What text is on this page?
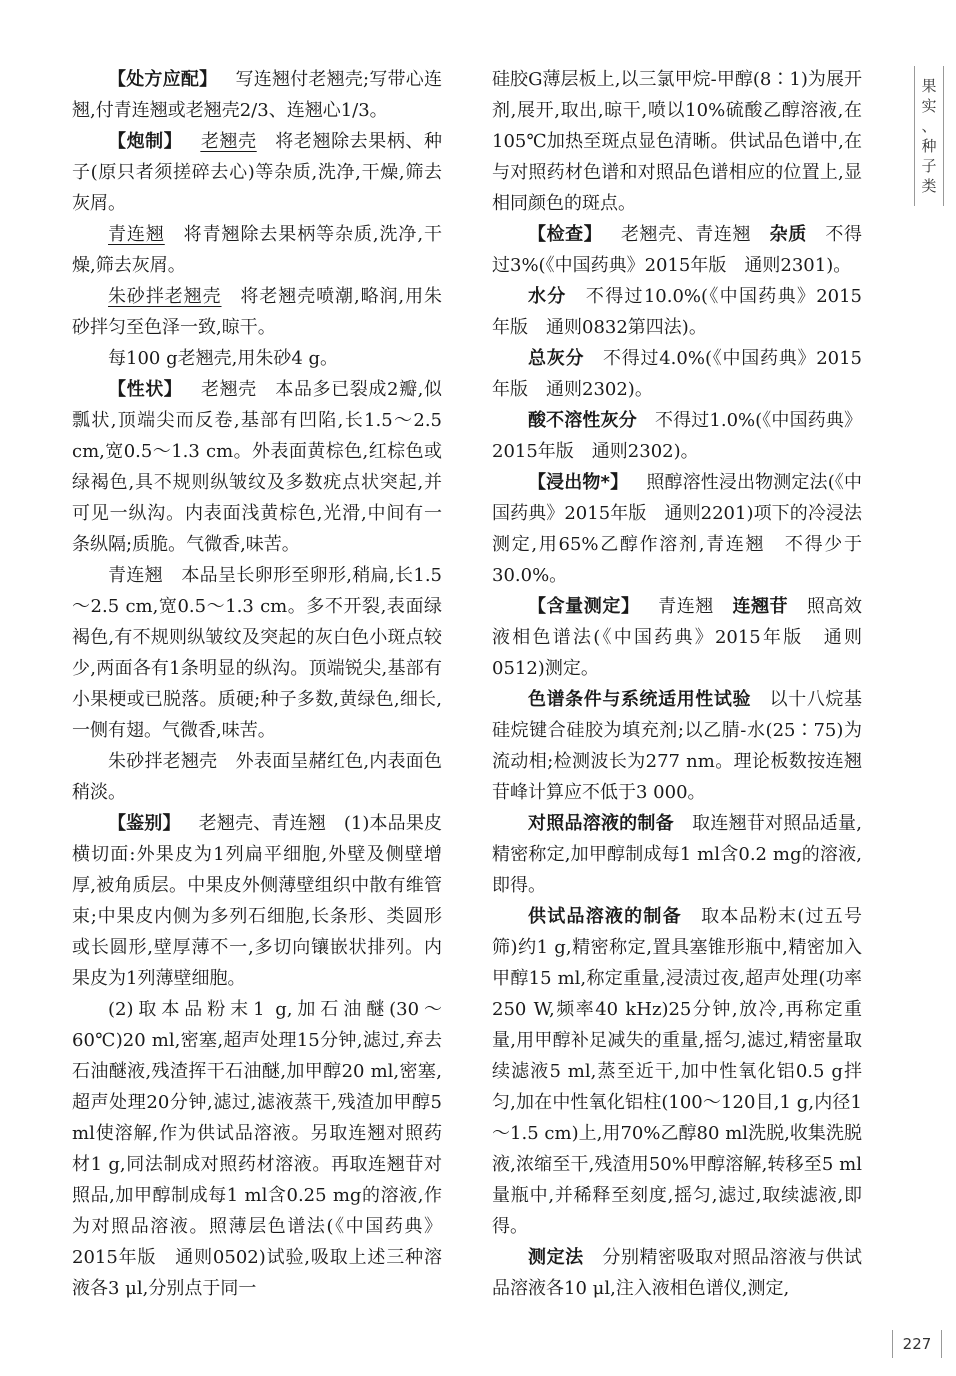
【处方应配】 写连翘付老翘壳;写带心连翘,付青连翘或老翘壳2/3、连翘心1/3。

【炮制】 老翘壳 将老翘除去果柄、种子(原只者须搓碎去心)等杂质,洗净,干燥,筛去灰屑。

青连翘 将青翘除去果柄等杂质,洗净,干燥,筛去灰屑。

朱砂拌老翘壳 将老翘壳喷潮,略润,用朱砂拌匀至色泽一致,晾干。

每100 g老翘壳,用朱砂4 g。

【性状】 老翘壳 本品多已裂成2瓣,似瓢状,顶端尖而反卷,基部有凹陷,长1.5～2.5 cm,宽0.5～1.3 cm。外表面黄棕色,红棕色或绿褐色,具不规则纵皱纹及多数疣点状突起,并可见一纵沟。内表面浅黄棕色,光滑,中间有一条纵隔;质脆。气微香,味苦。

青连翘 本品呈长卵形至卵形,稍扁,长1.5～2.5 cm,宽0.5～1.3 cm。多不开裂,表面绿褐色,有不规则纵皱纹及突起的灰白色小斑点较少,两面各有1条明显的纵沟。顶端锐尖,基部有小果梗或已脱落。质硬;种子多数,黄绿色,细长,一侧有翅。气微香,味苦。

朱砂拌老翘壳 外表面呈赭红色,内表面色稍淡。

【鉴别】 老翘壳、青连翘 (1)本品果皮横切面:外果皮为1列扁平细胞,外壁及侧壁增厚,被角质层。中果皮外侧薄壁组织中散有维管束;中果皮内侧为多列石细胞,长条形、类圆形或长圆形,壁厚薄不一,多切向镶嵌状排列。内果皮为1列薄壁细胞。

(2)取本品粉末1 g,加石油醚(30～60℃)20 ml,密塞,超声处理15分钟,滤过,弃去石油醚液,残渣挥干石油醚,加甲醇20 ml,密塞,超声处理20分钟,滤过,滤液蒸干,残渣加甲醇5 ml使溶解,作为供试品溶液。另取连翘对照药材1 g,同法制成对照药材溶液。再取连翘苷对照品,加甲醇制成每1 ml含0.25 mg的溶液,作为对照品溶液。照薄层色谱法(《中国药典》2015年版　通则0502)试验,吸取上述三种溶液各3 μl,分别点于同一

硅胶G薄层板上,以三氯甲烷-甲醇(8∶1)为展开剂,展开,取出,晾干,喷以10%硫酸乙醇溶液,在105℃加热至斑点显色清晰。供试品色谱中,在与对照药材色谱和对照品色谱相应的位置上,显相同颜色的斑点。

【检查】 老翘壳、青连翘 杂质 不得过3%(《中国药典》2015年版　通则2301)。

水分 不得过10.0%(《中国药典》2015年版　通则0832第四法)。

总灰分 不得过4.0%(《中国药典》2015年版　通则2302)。

酸不溶性灰分 不得过1.0%(《中国药典》2015年版　通则2302)。

【浸出物*】 照醇溶性浸出物测定法(《中国药典》2015年版　通则2201)项下的冷浸法测定,用65%乙醇作溶剂,青连翘　不得少于30.0%。

【含量测定】 青连翘 连翘苷 照高效液相色谱法(《中国药典》2015年版　通则0512)测定。

色谱条件与系统适用性试验 以十八烷基硅烷键合硅胶为填充剂;以乙腈-水(25∶75)为流动相;检测波长为277 nm。理论板数按连翘苷峰计算应不低于3 000。

对照品溶液的制备 取连翘苷对照品适量,精密称定,加甲醇制成每1 ml含0.2 mg的溶液,即得。

供试品溶液的制备 取本品粉末(过五号筛)约1 g,精密称定,置具塞锥形瓶中,精密加入甲醇15 ml,称定重量,浸渍过夜,超声处理(功率250 W,频率40 kHz)25分钟,放冷,再称定重量,用甲醇补足减失的重量,摇匀,滤过,精密量取续滤液5 ml,蒸至近干,加中性氧化铝0.5 g拌匀,加在中性氧化铝柱(100～120目,1 g,内径1～1.5 cm)上,用70%乙醇80 ml洗脱,收集洗脱液,浓缩至干,残渣用50%甲醇溶解,转移至5 ml量瓶中,并稀释至刻度,摇匀,滤过,取续滤液,即得。

测定法 分别精密吸取对照品溶液与供试品溶液各10 μl,注入液相色谱仪,测定,

果
实
、
种
子
类
227
